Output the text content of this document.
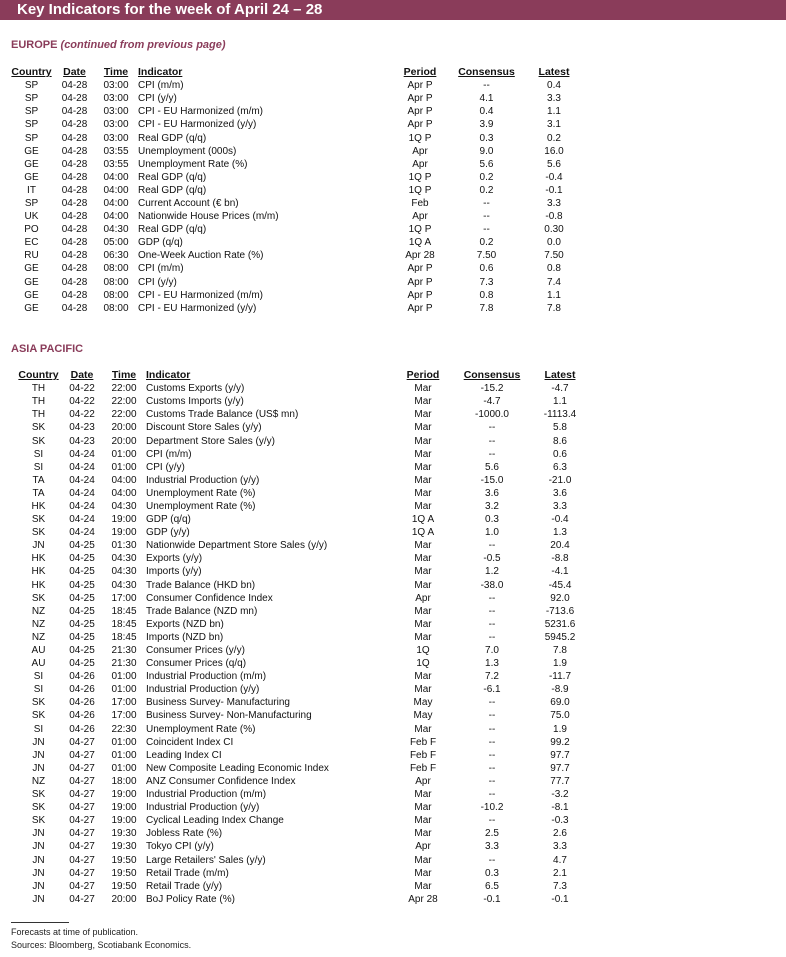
Key Indicators for the week of April 24 – 28
EUROPE (continued from previous page)
Country	Date	Time	Indicator	Period	Consensus	Latest
SP	04-28	03:00	CPI (m/m)	Apr P	--	0.4
SP	04-28	03:00	CPI (y/y)	Apr P	4.1	3.3
SP	04-28	03:00	CPI - EU Harmonized (m/m)	Apr P	0.4	1.1
SP	04-28	03:00	CPI - EU Harmonized (y/y)	Apr P	3.9	3.1
SP	04-28	03:00	Real GDP (q/q)	1Q P	0.3	0.2
GE	04-28	03:55	Unemployment (000s)	Apr	9.0	16.0
GE	04-28	03:55	Unemployment Rate (%)	Apr	5.6	5.6
GE	04-28	04:00	Real GDP (q/q)	1Q P	0.2	-0.4
IT	04-28	04:00	Real GDP (q/q)	1Q P	0.2	-0.1
SP	04-28	04:00	Current Account (€ bn)	Feb	--	3.3
UK	04-28	04:00	Nationwide House Prices (m/m)	Apr	--	-0.8
PO	04-28	04:30	Real GDP (q/q)	1Q P	--	0.30
EC	04-28	05:00	GDP (q/q)	1Q A	0.2	0.0
RU	04-28	06:30	One-Week Auction Rate (%)	Apr 28	7.50	7.50
GE	04-28	08:00	CPI (m/m)	Apr P	0.6	0.8
GE	04-28	08:00	CPI (y/y)	Apr P	7.3	7.4
GE	04-28	08:00	CPI - EU Harmonized (m/m)	Apr P	0.8	1.1
GE	04-28	08:00	CPI - EU Harmonized (y/y)	Apr P	7.8	7.8
ASIA PACIFIC
Country	Date	Time	Indicator	Period	Consensus	Latest
TH	04-22	22:00	Customs Exports (y/y)	Mar	-15.2	-4.7
TH	04-22	22:00	Customs Imports (y/y)	Mar	-4.7	1.1
TH	04-22	22:00	Customs Trade Balance (US$ mn)	Mar	-1000.0	-1113.4
SK	04-23	20:00	Discount Store Sales (y/y)	Mar	--	5.8
SK	04-23	20:00	Department Store Sales (y/y)	Mar	--	8.6
SI	04-24	01:00	CPI (m/m)	Mar	--	0.6
SI	04-24	01:00	CPI (y/y)	Mar	5.6	6.3
TA	04-24	04:00	Industrial Production (y/y)	Mar	-15.0	-21.0
TA	04-24	04:00	Unemployment Rate (%)	Mar	3.6	3.6
HK	04-24	04:30	Unemployment Rate (%)	Mar	3.2	3.3
SK	04-24	19:00	GDP (q/q)	1Q A	0.3	-0.4
SK	04-24	19:00	GDP (y/y)	1Q A	1.0	1.3
JN	04-25	01:30	Nationwide Department Store Sales (y/y)	Mar	--	20.4
HK	04-25	04:30	Exports (y/y)	Mar	-0.5	-8.8
HK	04-25	04:30	Imports (y/y)	Mar	1.2	-4.1
HK	04-25	04:30	Trade Balance (HKD bn)	Mar	-38.0	-45.4
SK	04-25	17:00	Consumer Confidence Index	Apr	--	92.0
NZ	04-25	18:45	Trade Balance (NZD mn)	Mar	--	-713.6
NZ	04-25	18:45	Exports (NZD bn)	Mar	--	5231.6
NZ	04-25	18:45	Imports (NZD bn)	Mar	--	5945.2
AU	04-25	21:30	Consumer Prices (y/y)	1Q	7.0	7.8
AU	04-25	21:30	Consumer Prices (q/q)	1Q	1.3	1.9
SI	04-26	01:00	Industrial Production (m/m)	Mar	7.2	-11.7
SI	04-26	01:00	Industrial Production (y/y)	Mar	-6.1	-8.9
SK	04-26	17:00	Business Survey- Manufacturing	May	--	69.0
SK	04-26	17:00	Business Survey- Non-Manufacturing	May	--	75.0
SI	04-26	22:30	Unemployment Rate (%)	Mar	--	1.9
JN	04-27	01:00	Coincident Index CI	Feb F	--	99.2
JN	04-27	01:00	Leading Index CI	Feb F	--	97.7
JN	04-27	01:00	New Composite Leading Economic Index	Feb F	--	97.7
NZ	04-27	18:00	ANZ Consumer Confidence Index	Apr	--	77.7
SK	04-27	19:00	Industrial Production (m/m)	Mar	--	-3.2
SK	04-27	19:00	Industrial Production (y/y)	Mar	-10.2	-8.1
SK	04-27	19:00	Cyclical Leading Index Change	Mar	--	-0.3
JN	04-27	19:30	Jobless Rate (%)	Mar	2.5	2.6
JN	04-27	19:30	Tokyo CPI (y/y)	Apr	3.3	3.3
JN	04-27	19:50	Large Retailers' Sales (y/y)	Mar	--	4.7
JN	04-27	19:50	Retail Trade (m/m)	Mar	0.3	2.1
JN	04-27	19:50	Retail Trade (y/y)	Mar	6.5	7.3
JN	04-27	20:00	BoJ Policy Rate (%)	Apr 28	-0.1	-0.1
Forecasts at time of publication.
Sources: Bloomberg, Scotiabank Economics.
